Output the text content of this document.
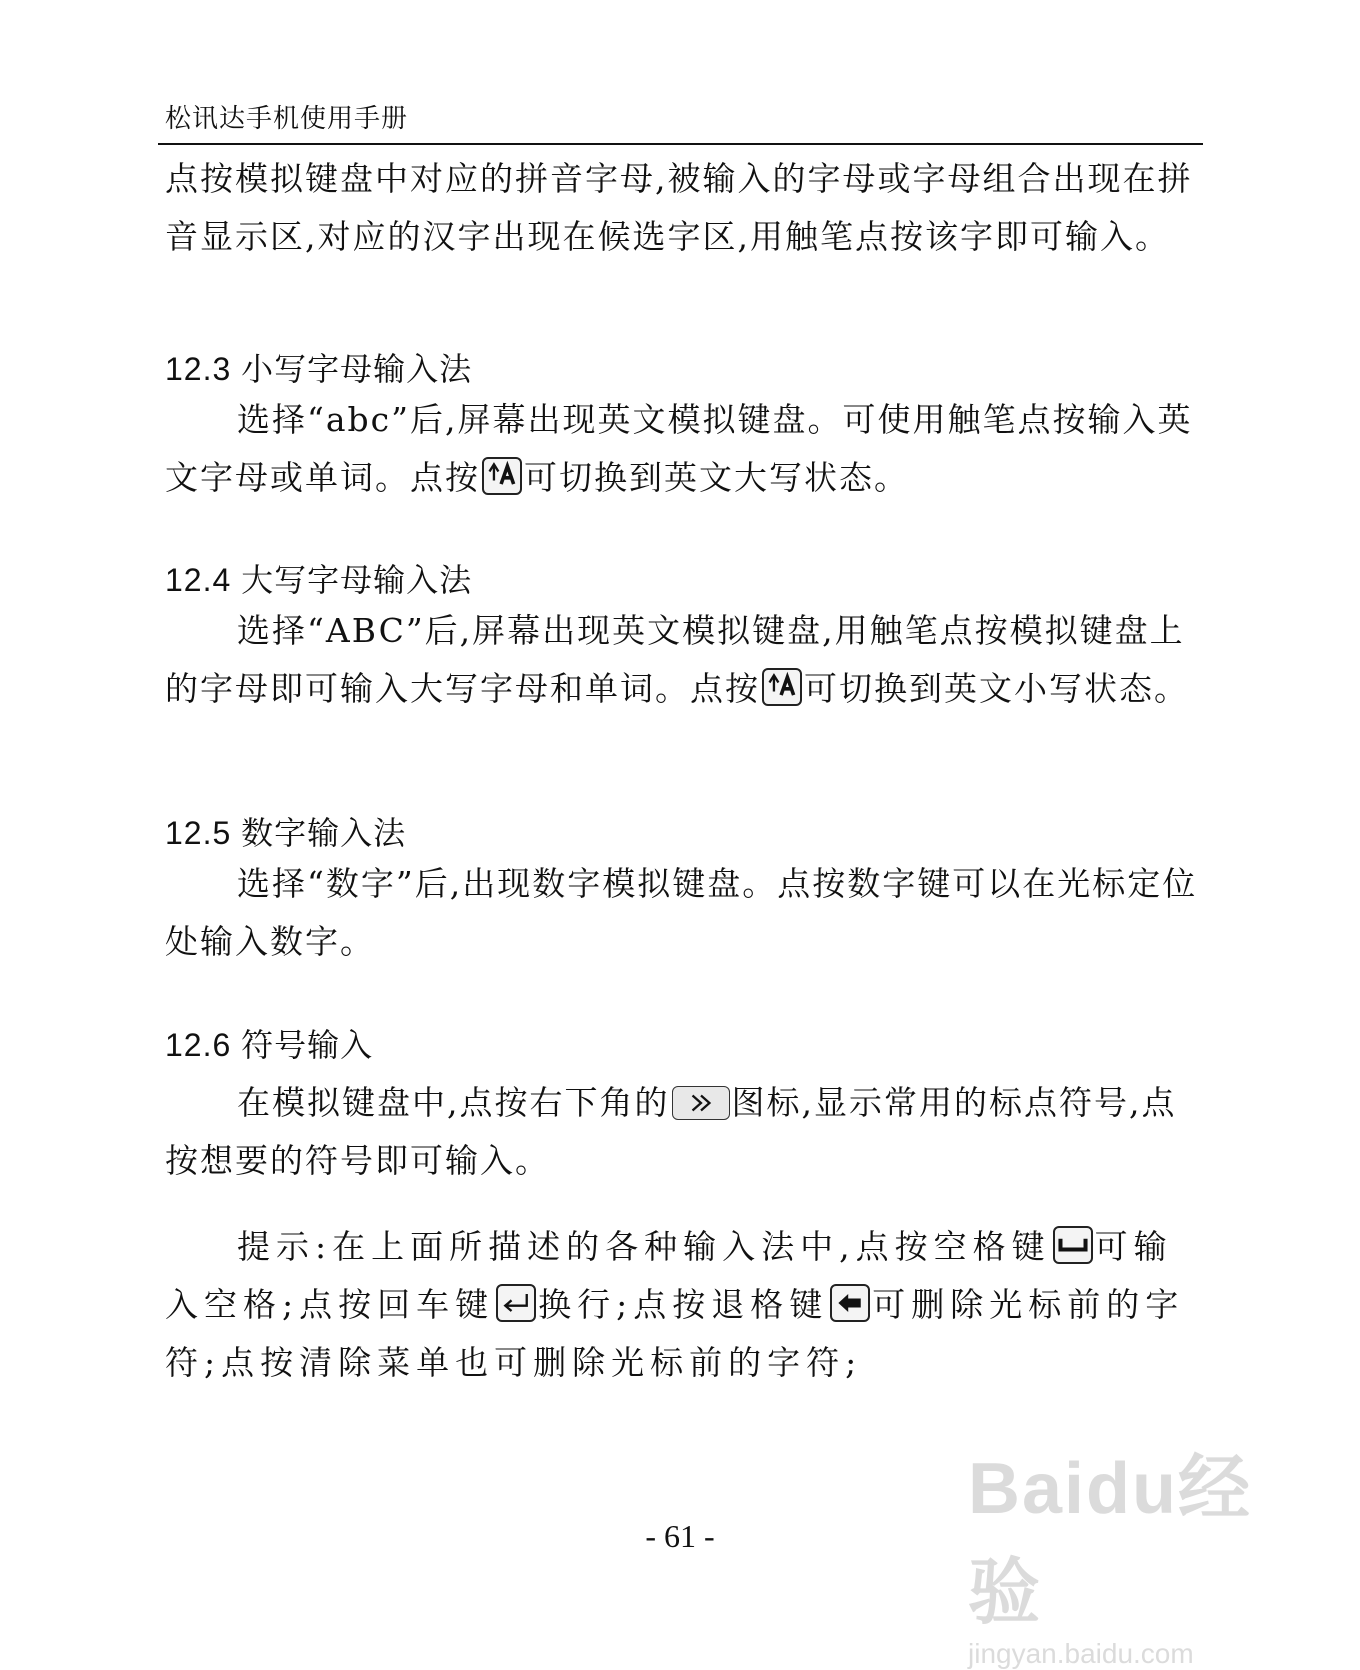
松讯达手机使用手册
点按模拟键盘中对应的拼音字母,被输入的字母或字母组合出现在拼音显示区,对应的汉字出现在候选字区,用触笔点按该字即可输入。
12.3 小写字母输入法
选择“abc”后,屏幕出现英文模拟键盘。可使用触笔点按输入英文字母或单词。点按 可切换到英文大写状态。
12.4 大写字母输入法
选择“ABC”后,屏幕出现英文模拟键盘,用触笔点按模拟键盘上的字母即可输入大写字母和单词。点按 可切换到英文小写状态。
12.5 数字输入法
选择“数字”后,出现数字模拟键盘。点按数字键可以在光标定位处输入数字。
12.6 符号输入
在模拟键盘中,点按右下角的 图标,显示常用的标点符号,点按想要的符号即可输入。
提示:在上面所描述的各种输入法中,点按空格键 可输入空格;点按回车键 换行;点按退格键 可删除光标前的字符;点按清除菜单也可删除光标前的字符;
Baidu经验
jingyan.baidu.com
- 61 -
